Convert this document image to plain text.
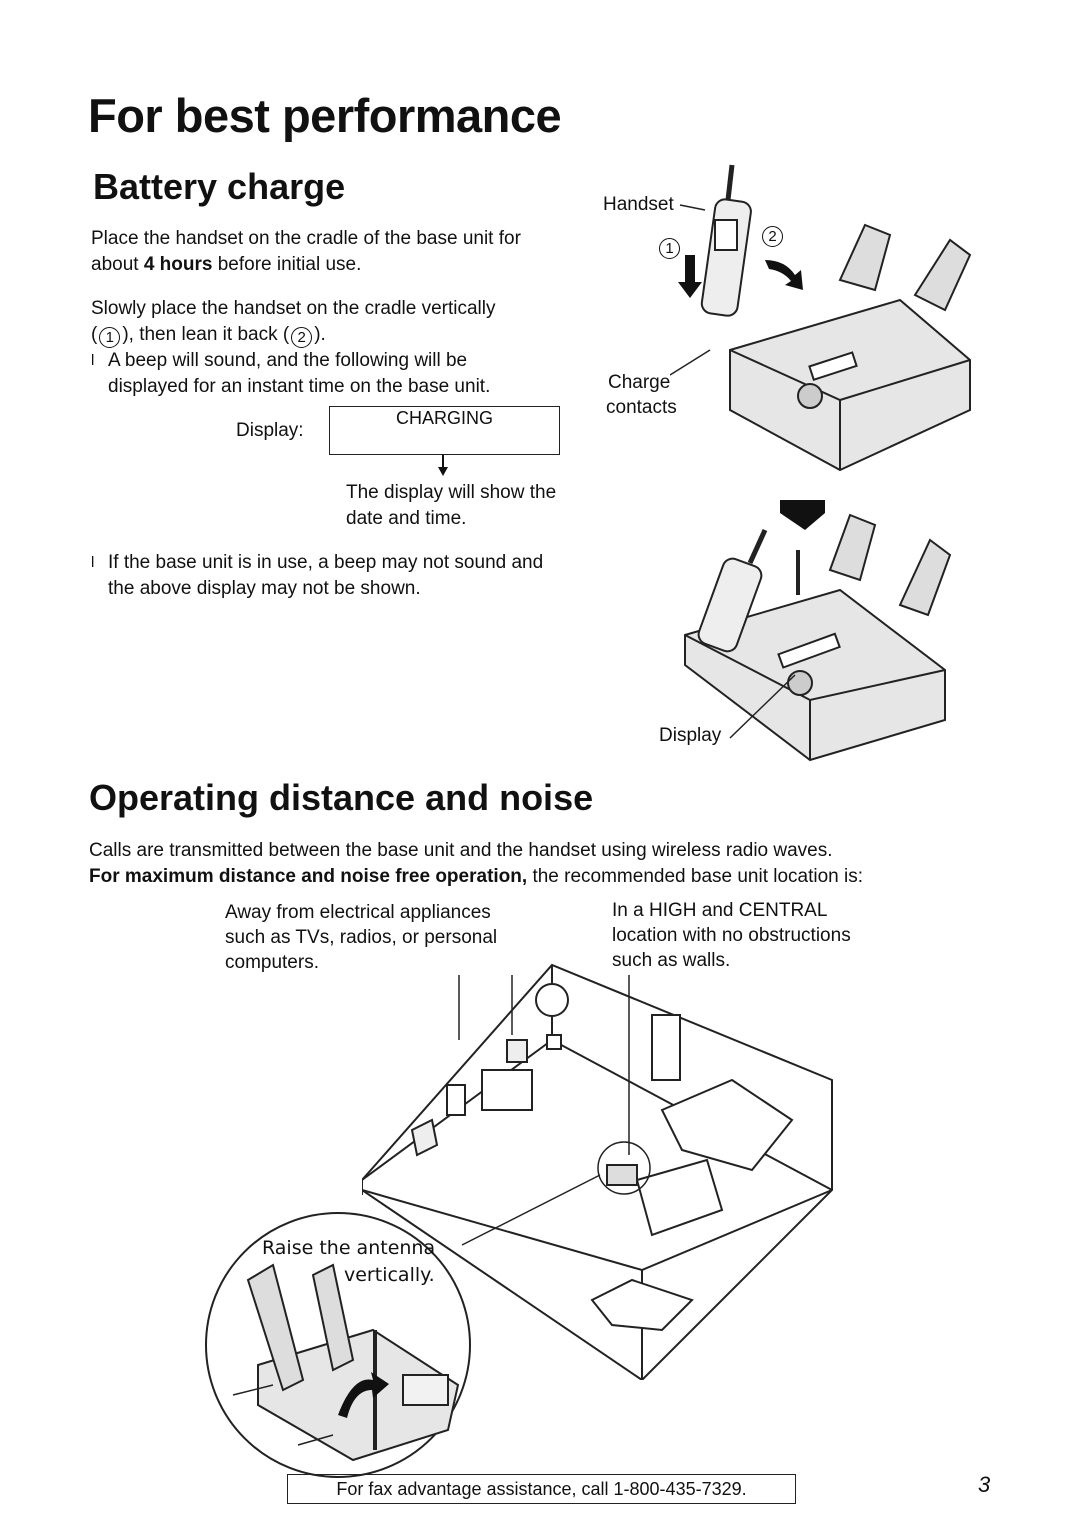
For best performance
Battery charge

Place the handset on the cradle of the base unit for about 4 hours before initial use.

Slowly place the handset on the cradle vertically
( 1 ), then lean it back ( 2 ).
l A beep will sound, and the following will be displayed for an instant time on the base unit.
Display:
CHARGING
The display will show the date and time.
l If the base unit is in use, a beep may not sound and the above display may not be shown.
Handset
Charge
contacts
Display
1
2
Operating distance and noise

Calls are transmitted between the base unit and the handset using wireless radio waves.

For maximum distance and noise free operation, the recommended base unit location is:

Away from electrical appliances such as TVs, radios, or personal computers.
In a HIGH and CENTRAL location with no obstructions such as walls.
Raise the antenna
vertically.
For fax advantage assistance, call 1-800-435-7329.	3
